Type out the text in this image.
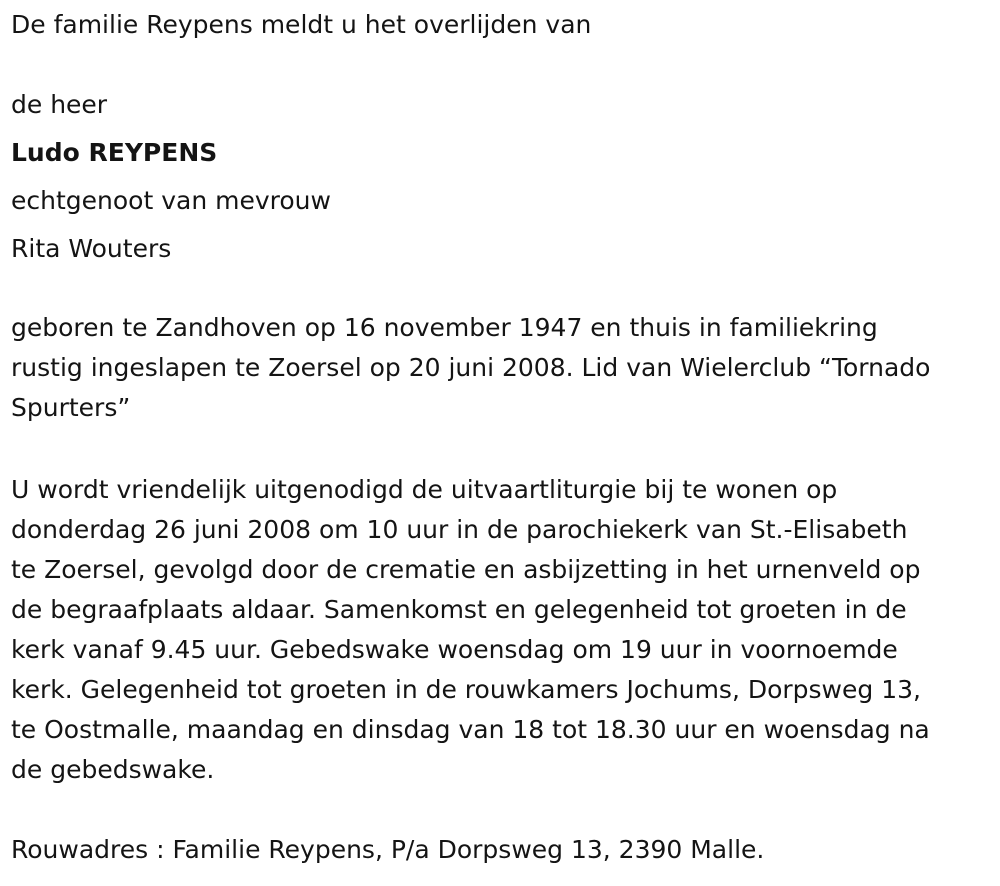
De familie Reypens meldt u het overlijden van

de heer

Ludo REYPENS

echtgenoot van mevrouw

Rita Wouters

geboren te Zandhoven op 16 november 1947 en thuis in familiekring

rustig ingeslapen te Zoersel op 20 juni 2008. Lid van Wielerclub “Tornado

Spurters”

U wordt vriendelijk uitgenodigd de uitvaartliturgie bij te wonen op

donderdag 26 juni 2008 om 10 uur in de parochiekerk van St.-Elisabeth

te Zoersel, gevolgd door de crematie en asbijzetting in het urnenveld op

de begraafplaats aldaar. Samenkomst en gelegenheid tot groeten in de

kerk vanaf 9.45 uur. Gebedswake woensdag om 19 uur in voornoemde

kerk. Gelegenheid tot groeten in de rouwkamers Jochums, Dorpsweg 13,

te Oostmalle, maandag en dinsdag van 18 tot 18.30 uur en woensdag na

de gebedswake.

Rouwadres : Familie Reypens, P/a Dorpsweg 13, 2390 Malle.
